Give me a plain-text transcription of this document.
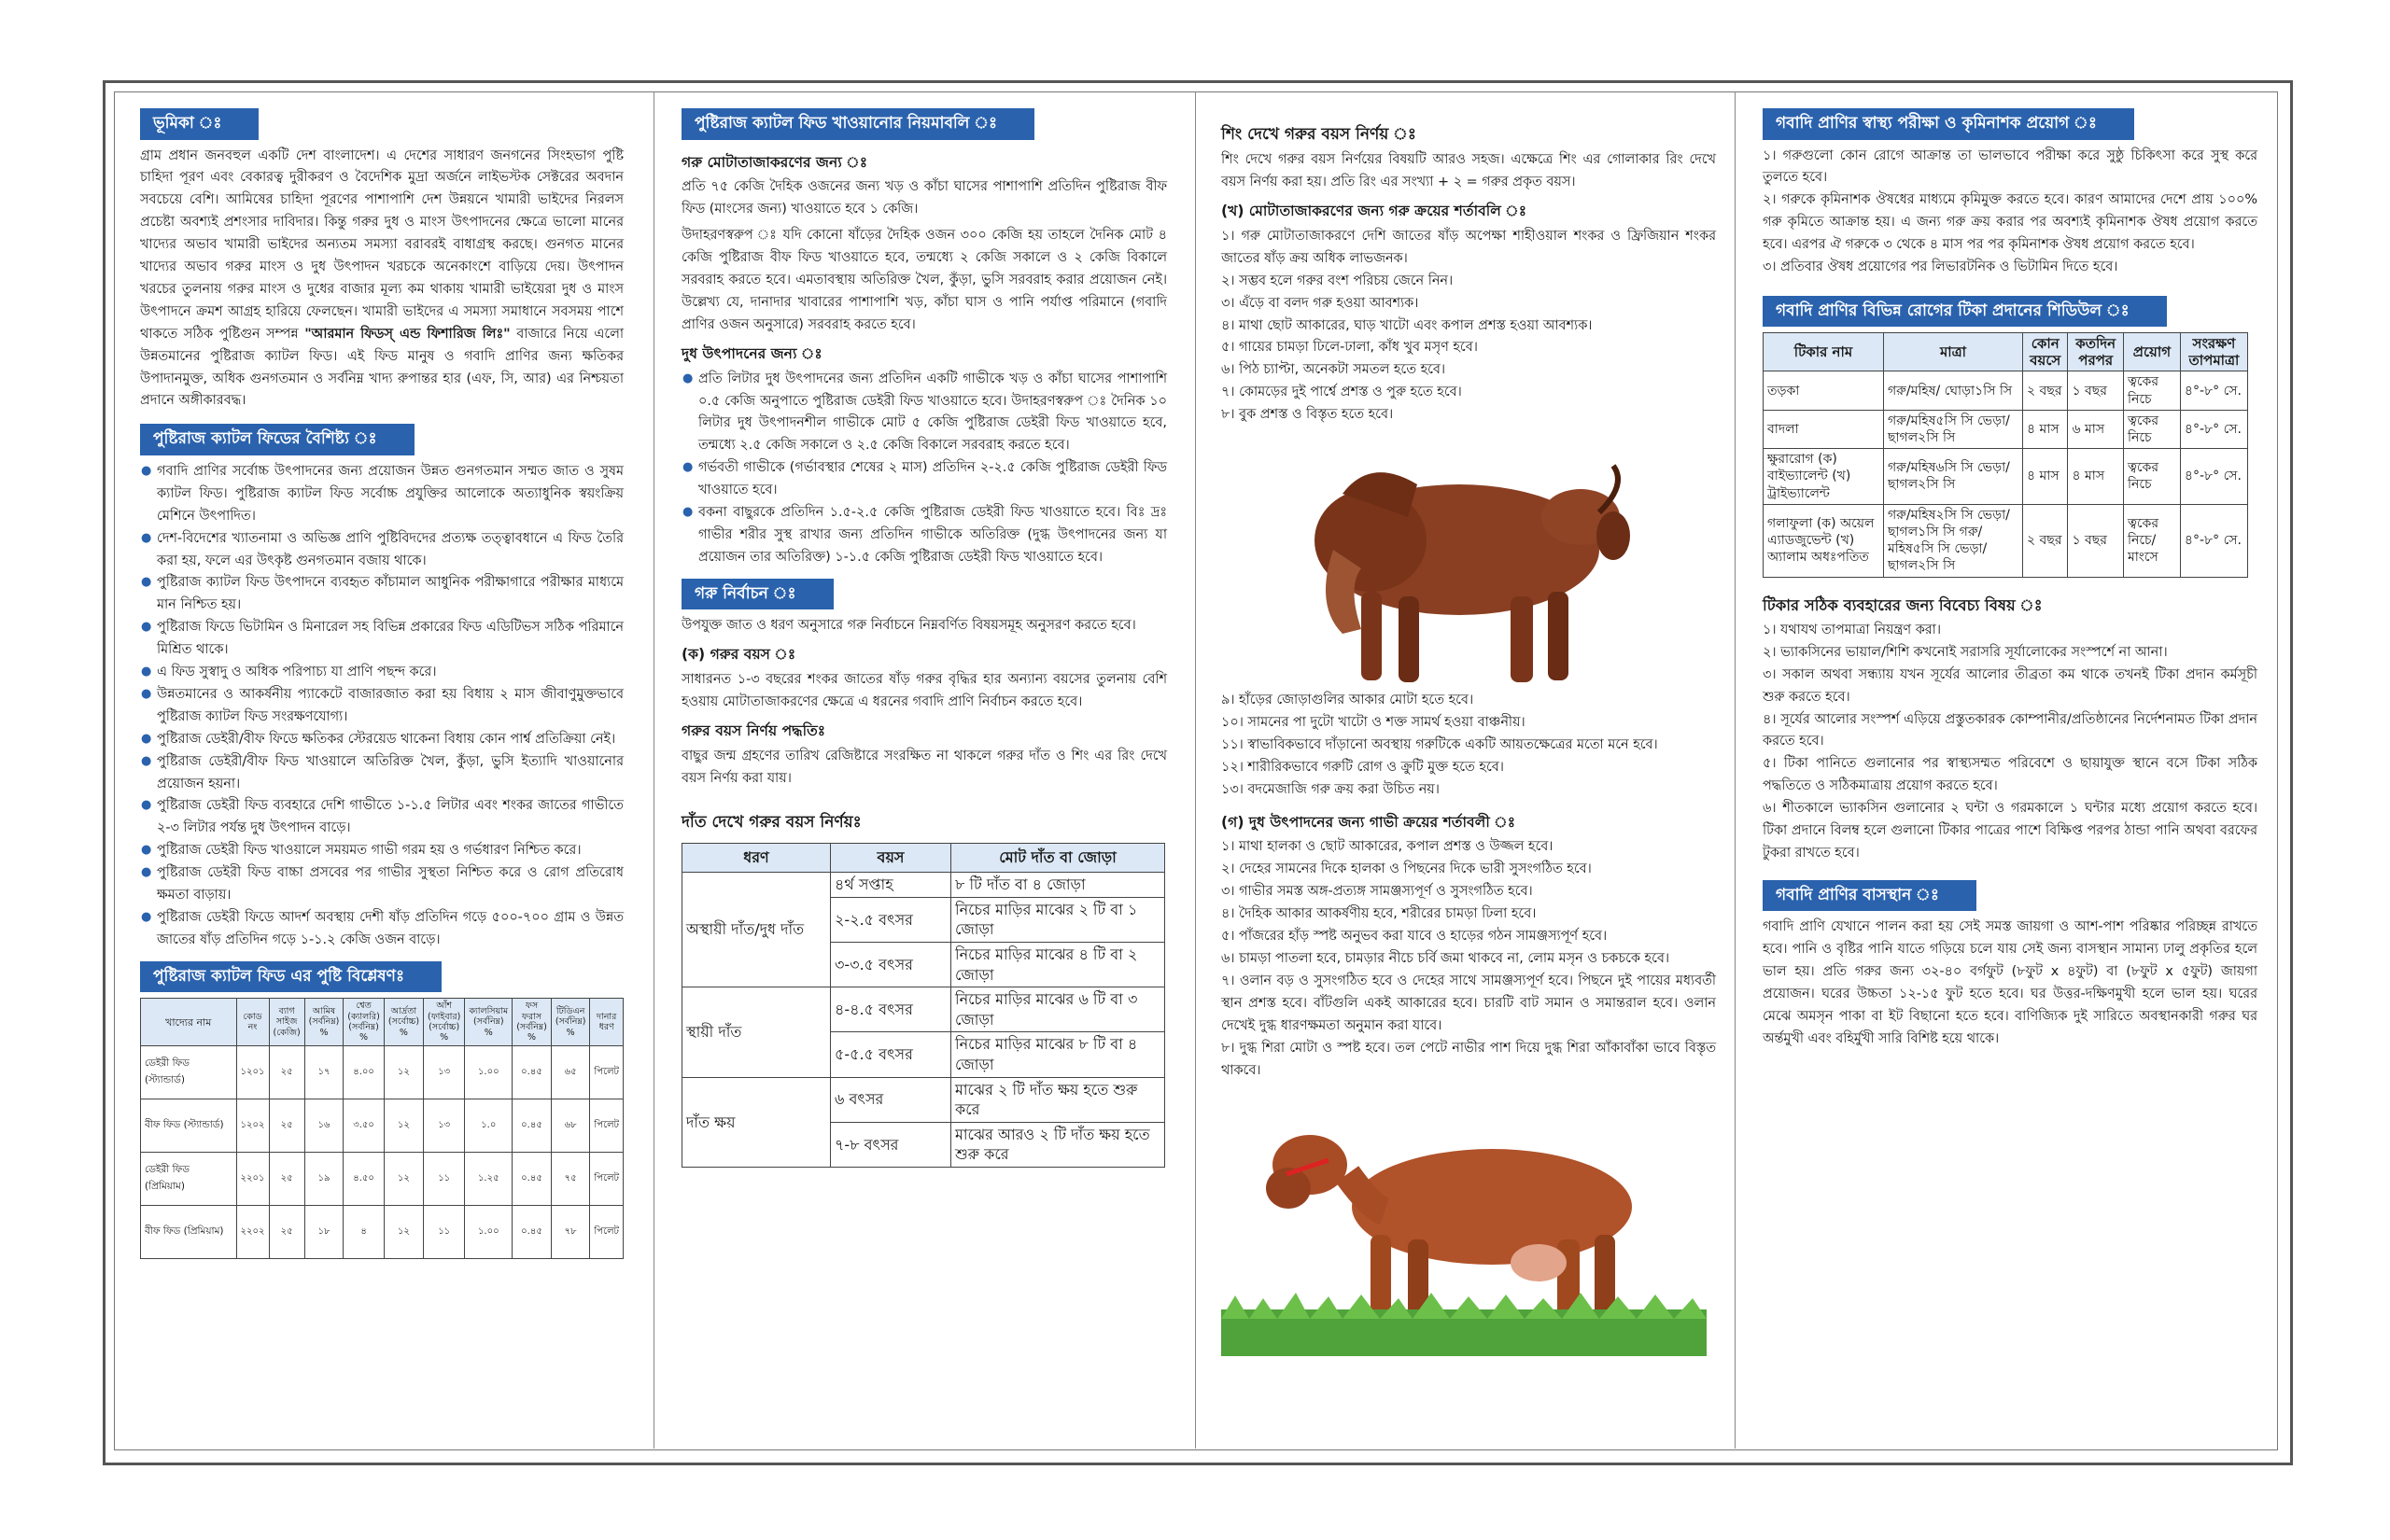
ভূমিকা ঃ

গ্রাম প্রধান জনবহুল একটি দেশ বাংলাদেশ। এ দেশের সাধারণ জনগনের সিংহভাগ পুষ্টি চাহিদা পূরণ এবং বেকারত্ব দুরীকরণ ও বৈদেশিক মুদ্রা অর্জনে লাইভস্টক সেক্টরের অবদান সবচেয়ে বেশি। আমিষের চাহিদা পূরণের পাশাপাশি দেশ উন্নয়নে খামারী ভাইদের নিরলস প্রচেষ্টা অবশ্যই প্রশংসার দাবিদার। কিন্তু গরুর দুধ ও মাংস উৎপাদনের ক্ষেত্রে ভালো মানের খাদ্যের অভাব খামারী ভাইদের অন্যতম সমস্যা বরাবরই বাধাগ্রস্থ করছে। গুনগত মানের খাদ্যের অভাব গরুর মাংস ও দুধ উৎপাদন খরচকে অনেকাংশে বাড়িয়ে দেয়। উৎপাদন খরচের তুলনায় গরুর মাংস ও দুধের বাজার মূল্য কম থাকায় খামারী ভাইয়েরা দুধ ও মাংস উৎপাদনে ক্রমশ আগ্রহ হারিয়ে ফেলছেন। খামারী ভাইদের এ সমস্যা সমাধানে সবসময় পাশে থাকতে সঠিক পুষ্টিগুন সম্পন্ন "আরমান ফিডস্ এন্ড ফিশারিজ লিঃ" বাজারে নিয়ে এলো উন্নতমানের পুষ্টিরাজ ক্যাটল ফিড। এই ফিড মানুষ ও গবাদি প্রাণির জন্য ক্ষতিকর উপাদানমুক্ত, অধিক গুনগতমান ও সর্বনিম্ন খাদ্য রুপান্তর হার (এফ, সি, আর) এর নিশ্চয়তা প্রদানে অঙ্গীকারবদ্ধ।

পুষ্টিরাজ ক্যাটল ফিডের বৈশিষ্ট্য ঃ
● গবাদি প্রাণির সর্বোচ্চ উৎপাদনের জন্য প্রয়োজন উন্নত গুনগতমান সম্মত জাত ও সুষম ক্যাটল ফিড। পুষ্টিরাজ ক্যাটল ফিড সর্বোচ্চ প্রযুক্তির আলোকে অত্যাধুনিক স্বয়ংক্রিয় মেশিনে উৎপাদিত।
● দেশ-বিদেশের খ্যাতনামা ও অভিজ্ঞ প্রাণি পুষ্টিবিদদের প্রত্যক্ষ তত্ত্বাবধানে এ ফিড তৈরি করা হয়, ফলে এর উৎকৃষ্ট গুনগতমান বজায় থাকে।
● পুষ্টিরাজ ক্যাটল ফিড উৎপাদনে ব্যবহৃত কাঁচামাল আধুনিক পরীক্ষাগারে পরীক্ষার মাধ্যমে মান নিশ্চিত হয়।
● পুষ্টিরাজ ফিডে ভিটামিন ও মিনারেল সহ বিভিন্ন প্রকারের ফিড এডিটিভস সঠিক পরিমানে মিশ্রিত থাকে।
● এ ফিড সুস্বাদু ও অধিক পরিপাচ্য যা প্রাণি পছন্দ করে।
● উন্নতমানের ও আকর্ষনীয় প্যাকেটে বাজারজাত করা হয় বিধায় ২ মাস জীবাণুমুক্তভাবে পুষ্টিরাজ ক্যাটল ফিড সংরক্ষণযোগ্য।
● পুষ্টিরাজ ডেইরী/বীফ ফিডে ক্ষতিকর স্টেরয়েড থাকেনা বিধায় কোন পার্শ্ব প্রতিক্রিয়া নেই।
● পুষ্টিরাজ ডেইরী/বীফ ফিড খাওয়ালে অতিরিক্ত খৈল, কুঁড়া, ভুসি ইত্যাদি খাওয়ানোর প্রয়োজন হয়না।
● পুষ্টিরাজ ডেইরী ফিড ব্যবহারে দেশি গাভীতে ১-১.৫ লিটার এবং শংকর জাতের গাভীতে ২-৩ লিটার পর্যন্ত দুধ উৎপাদন বাড়ে।
● পুষ্টিরাজ ডেইরী ফিড খাওয়ালে সময়মত গাভী গরম হয় ও গর্ভধারণ নিশ্চিত করে।
● পুষ্টিরাজ ডেইরী ফিড বাচ্চা প্রসবের পর গাভীর সুস্থতা নিশ্চিত করে ও রোগ প্রতিরোধ ক্ষমতা বাড়ায়।
● পুষ্টিরাজ ডেইরী ফিডে আদর্শ অবস্থায় দেশী ষাঁড় প্রতিদিন গড়ে ৫০০-৭০০ গ্রাম ও উন্নত জাতের ষাঁড় প্রতিদিন গড়ে ১-১.২ কেজি ওজন বাড়ে।
পুষ্টিরাজ ক্যাটল ফিড এর পুষ্টি বিশ্লেষণঃ
খাদ্যের নাম	কোড নং	ব্যাগ সাইজ (কেজি)	আমিষ (সর্বনিম্ন) %	শ্বেত (ক্যালরি) (সর্বনিম্ন) %	আর্দ্রতা (সর্বোচ্চ) %	আঁশ (ফাইবার) (সর্বোচ্চ) %	ক্যালসিয়াম (সর্বনিম্ন) %	ফস ফরাস (সর্বনিম্ন) %	টিডিএন (সর্বনিম্ন) %	দানার ধরণ
ডেইরী ফিড (স্ট্যান্ডার্ড)	১২০১	২৫	১৭	৪.০০	১২	১৩	১.০০	০.৪৫	৬৫	পিলেট
বীফ ফিড (স্ট্যান্ডার্ড)	১২০২	২৫	১৬	৩.৫০	১২	১৩	১.০	০.৪৫	৬৮	পিলেট
ডেইরী ফিড (প্রিমিয়াম)	২২০১	২৫	১৯	৪.৫০	১২	১১	১.২৫	০.৪৫	৭৫	পিলেট
বীফ ফিড (প্রিমিয়াম)	২২০২	২৫	১৮	৪	১২	১১	১.০০	০.৪৫	৭৮	পিলেট
পুষ্টিরাজ ক্যাটল ফিড খাওয়ানোর নিয়মাবলি ঃ
গরু মোটাতাজাকরণের জন্য ঃ

প্রতি ৭৫ কেজি দৈহিক ওজনের জন্য খড় ও কাঁচা ঘাসের পাশাপাশি প্রতিদিন পুষ্টিরাজ বীফ ফিড (মাংসের জন্য) খাওয়াতে হবে ১ কেজি।

উদাহরণস্বরুপ ঃ যদি কোনো ষাঁড়ের দৈহিক ওজন ৩০০ কেজি হয় তাহলে দৈনিক মোট ৪ কেজি পুষ্টিরাজ বীফ ফিড খাওয়াতে হবে, তন্মধ্যে ২ কেজি সকালে ও ২ কেজি বিকালে সরবরাহ করতে হবে। এমতাবস্থায় অতিরিক্ত খৈল, কুঁড়া, ভুসি সরবরাহ করার প্রয়োজন নেই। উল্লেখ্য যে, দানাদার খাবারের পাশাপাশি খড়, কাঁচা ঘাস ও পানি পর্যাপ্ত পরিমানে (গবাদি প্রাণির ওজন অনুসারে) সরবরাহ করতে হবে।

দুধ উৎপাদনের জন্য ঃ
● প্রতি লিটার দুধ উৎপাদনের জন্য প্রতিদিন একটি গাভীকে খড় ও কাঁচা ঘাসের পাশাপাশি ০.৫ কেজি অনুপাতে পুষ্টিরাজ ডেইরী ফিড খাওয়াতে হবে। উদাহরণস্বরুপ ঃ দৈনিক ১০ লিটার দুধ উৎপাদনশীল গাভীকে মোট ৫ কেজি পুষ্টিরাজ ডেইরী ফিড খাওয়াতে হবে, তন্মধ্যে ২.৫ কেজি সকালে ও ২.৫ কেজি বিকালে সরবরাহ করতে হবে।
● গর্ভবতী গাভীকে (গর্ভাবস্থার শেষের ২ মাস) প্রতিদিন ২-২.৫ কেজি পুষ্টিরাজ ডেইরী ফিড খাওয়াতে হবে।
● বকনা বাছুরকে প্রতিদিন ১.৫-২.৫ কেজি পুষ্টিরাজ ডেইরী ফিড খাওয়াতে হবে। বিঃ দ্রঃ গাভীর শরীর সুস্থ রাখার জন্য প্রতিদিন গাভীকে অতিরিক্ত (দুগ্ধ উৎপাদনের জন্য যা প্রয়োজন তার অতিরিক্ত) ১-১.৫ কেজি পুষ্টিরাজ ডেইরী ফিড খাওয়াতে হবে।
গরু নির্বাচন ঃ

উপযুক্ত জাত ও ধরণ অনুসারে গরু নির্বাচনে নিম্নবর্ণিত বিষয়সমূহ অনুসরণ করতে হবে।

(ক) গরুর বয়স ঃ

সাধারনত ১-৩ বছরের শংকর জাতের ষাঁড় গরুর বৃদ্ধির হার অন্যান্য বয়সের তুলনায় বেশি হওয়ায় মোটাতাজাকরণের ক্ষেত্রে এ ধরনের গবাদি প্রাণি নির্বাচন করতে হবে।

গরুর বয়স নির্ণয় পদ্ধতিঃ

বাছুর জন্ম গ্রহণের তারিখ রেজিষ্টারে সংরক্ষিত না থাকলে গরুর দাঁত ও শিং এর রিং দেখে বয়স নির্ণয় করা যায়।

দাঁত দেখে গরুর বয়স নির্ণয়ঃ
ধরণ	বয়স	মোট দাঁত বা জোড়া
অস্থায়ী দাঁত/দুধ দাঁত	৪র্থ সপ্তাহ	৮ টি দাঁত বা ৪ জোড়া
	২-২.৫ বৎসর	নিচের মাড়ির মাঝের ২ টি বা ১ জোড়া
	৩-৩.৫ বৎসর	নিচের মাড়ির মাঝের ৪ টি বা ২ জোড়া
স্থায়ী দাঁত	৪-৪.৫ বৎসর	নিচের মাড়ির মাঝের ৬ টি বা ৩ জোড়া
	৫-৫.৫ বৎসর	নিচের মাড়ির মাঝের ৮ টি বা ৪ জোড়া
দাঁত ক্ষয়	৬ বৎসর	মাঝের ২ টি দাঁত ক্ষয় হতে শুরু করে
	৭-৮ বৎসর	মাঝের আরও ২ টি দাঁত ক্ষয় হতে শুরু করে
শিং দেখে গরুর বয়স নির্ণয় ঃ

শিং দেখে গরুর বয়স নির্ণয়ের বিষয়টি আরও সহজ। এক্ষেত্রে শিং এর গোলাকার রিং দেখে বয়স নির্ণয় করা হয়। প্রতি রিং এর সংখ্যা + ২ = গরুর প্রকৃত বয়স।

(খ) মোটাতাজাকরণের জন্য গরু ক্রয়ের শর্তাবলি ঃ
১। গরু মোটাতাজাকরণে দেশি জাতের ষাঁড় অপেক্ষা শাহীওয়াল শংকর ও ফ্রিজিয়ান শংকর জাতের ষাঁড় ক্রয় অধিক লাভজনক।
২। সম্ভব হলে গরুর বংশ পরিচয় জেনে নিন।
৩। এঁড়ে বা বলদ গরু হওয়া আবশ্যক।
৪। মাথা ছোট আকারের, ঘাড় খাটো এবং কপাল প্রশস্ত হওয়া আবশ্যক।
৫। গায়ের চামড়া ঢিলে-ঢালা, কাঁধ খুব মসৃণ হবে।
৬। পিঠ চ্যাপ্টা, অনেকটা সমতল হতে হবে।
৭। কোমড়ের দুই পার্শ্বে প্রশস্ত ও পুরু হতে হবে।
৮। বুক প্রশস্ত ও বিস্তৃত হতে হবে।
৯। হাঁড়ের জোড়াগুলির আকার মোটা হতে হবে।
১০। সামনের পা দুটো খাটো ও শক্ত সামর্থ হওয়া বাঞ্চনীয়।
১১। স্বাভাবিকভাবে দাঁড়ানো অবস্থায় গরুটিকে একটি আয়তক্ষেত্রের মতো মনে হবে।
১২। শারীরিকভাবে গরুটি রোগ ও ক্রুটি মুক্ত হতে হবে।
১৩। বদমেজাজি গরু ক্রয় করা উচিত নয়।
(গ) দুধ উৎপাদনের জন্য গাভী ক্রয়ের শর্তাবলী ঃ
১। মাথা হালকা ও ছোট আকারের, কপাল প্রশস্ত ও উজ্জল হবে।
২। দেহের সামনের দিকে হালকা ও পিছনের দিকে ভারী সুসংগঠিত হবে।
৩। গাভীর সমস্ত অঙ্গ-প্রত্যঙ্গ সামঞ্জস্যপূর্ণ ও সুসংগঠিত হবে।
৪। দৈহিক আকার আকর্ষণীয় হবে, শরীরের চামড়া ঢিলা হবে।
৫। পাঁজরের হাঁড় স্পষ্ট অনুভব করা যাবে ও হাড়ের গঠন সামঞ্জস্যপূর্ণ হবে।
৬। চামড়া পাতলা হবে, চামড়ার নীচে চর্বি জমা থাকবে না, লোম মসৃন ও চকচকে হবে।
৭। ওলান বড় ও সুসংগঠিত হবে ও দেহের সাথে সামঞ্জস্যপূর্ণ হবে। পিছনে দুই পায়ের মধ্যবর্তী স্থান প্রশস্ত হবে। বাঁটগুলি একই আকারের হবে। চারটি বাট সমান ও সমান্তরাল হবে। ওলান দেখেই দুগ্ধ ধারণক্ষমতা অনুমান করা যাবে।
৮। দুগ্ধ শিরা মোটা ও স্পষ্ট হবে। তল পেটে নাভীর পাশ দিয়ে দুগ্ধ শিরা আঁকাবাঁকা ভাবে বিস্তৃত থাকবে।
গবাদি প্রাণির স্বাস্থ্য পরীক্ষা ও কৃমিনাশক প্রয়োগ ঃ
১। গরুগুলো কোন রোগে আক্রান্ত তা ভালভাবে পরীক্ষা করে সুষ্ঠু চিকিৎসা করে সুস্থ করে তুলতে হবে।
২। গরুকে কৃমিনাশক ঔষধের মাধ্যমে কৃমিমুক্ত করতে হবে। কারণ আমাদের দেশে প্রায় ১০০% গরু কৃমিতে আক্রান্ত হয়। এ জন্য গরু ক্রয় করার পর অবশ্যই কৃমিনাশক ঔষধ প্রয়োগ করতে হবে। এরপর ঐ গরুকে ৩ থেকে ৪ মাস পর পর কৃমিনাশক ঔষধ প্রয়োগ করতে হবে।
৩। প্রতিবার ঔষধ প্রয়োগের পর লিভারটনিক ও ভিটামিন দিতে হবে।
গবাদি প্রাণির বিভিন্ন রোগের টিকা প্রদানের শিডিউল ঃ
টিকার নাম	মাত্রা	কোন বয়সে	কতদিন পরপর	প্রয়োগ	সংরক্ষণ তাপমাত্রা
তড়কা	গরু/মহিষ/ ঘোড়া১সি সি	২ বছর	১ বছর	ত্বকের নিচে	৪°-৮° সে.
বাদলা	গরু/মহিষ৫সি সি ভেড়া/ছাগল২সি সি	৪ মাস	৬ মাস	ত্বকের নিচে	৪°-৮° সে.
ক্ষুরারোগ (ক) বাইভ্যালেন্ট (খ) ট্রাইভ্যালেন্ট	গরু/মহিষ৬সি সি ভেড়া/ছাগল২সি সি	৪ মাস	৪ মাস	ত্বকের নিচে	৪°-৮° সে.
গলাফুলা (ক) অয়েল এ্যাডজুভেন্ট (খ) অ্যালাম অধঃপতিত	গরু/মহিষ২সি সি ভেড়া/ছাগল১সি সি গরু/মহিষ৫সি সি ভেড়া/ছাগল২সি সি	২ বছর	১ বছর	ত্বকের নিচে/ মাংসে	৪°-৮° সে.
টিকার সঠিক ব্যবহারের জন্য বিবেচ্য বিষয় ঃ
১। যথাযথ তাপমাত্রা নিয়ন্ত্রণ করা।
২। ভ্যাকসিনের ভায়াল/শিশি কখনোই সরাসরি সূর্যালোকের সংস্পর্শে না আনা।
৩। সকাল অথবা সন্ধ্যায় যখন সূর্যের আলোর তীব্রতা কম থাকে তখনই টিকা প্রদান কর্মসূচী শুরু করতে হবে।
৪। সূর্যের আলোর সংস্পর্শ এড়িয়ে প্রস্তুতকারক কোম্পানীর/প্রতিষ্ঠানের নির্দেশনামত টিকা প্রদান করতে হবে।
৫। টিকা পানিতে গুলানোর পর স্বাস্থ্যসম্মত পরিবেশে ও ছায়াযুক্ত স্থানে বসে টিকা সঠিক পদ্ধতিতে ও সঠিকমাত্রায় প্রয়োগ করতে হবে।
৬। শীতকালে ভ্যাকসিন গুলানোর ২ ঘন্টা ও গরমকালে ১ ঘন্টার মধ্যে প্রয়োগ করতে হবে। টিকা প্রদানে বিলম্ব হলে গুলানো টিকার পাত্রের পাশে বিক্ষিপ্ত পরপর ঠান্ডা পানি অথবা বরফের টুকরা রাখতে হবে।
গবাদি প্রাণির বাসস্থান ঃ

গবাদি প্রাণি যেখানে পালন করা হয় সেই সমস্ত জায়গা ও আশ-পাশ পরিষ্কার পরিচ্ছন্ন রাখতে হবে। পানি ও বৃষ্টির পানি যাতে গড়িয়ে চলে যায় সেই জন্য বাসস্থান সামান্য ঢালু প্রকৃতির হলে ভাল হয়। প্রতি গরুর জন্য ৩২-৪০ বর্গফুট (৮ফুট x ৪ফুট) বা (৮ফুট x ৫ফুট) জায়গা প্রয়োজন। ঘরের উচ্চতা ১২-১৫ ফুট হতে হবে। ঘর উত্তর-দক্ষিণমুখী হলে ভাল হয়। ঘরের মেঝে অমসৃন পাকা বা ইট বিছানো হতে হবে। বাণিজ্যিক দুই সারিতে অবস্থানকারী গরুর ঘর অর্ন্তমুখী এবং বহির্মুখী সারি বিশিষ্ট হয়ে থাকে।
